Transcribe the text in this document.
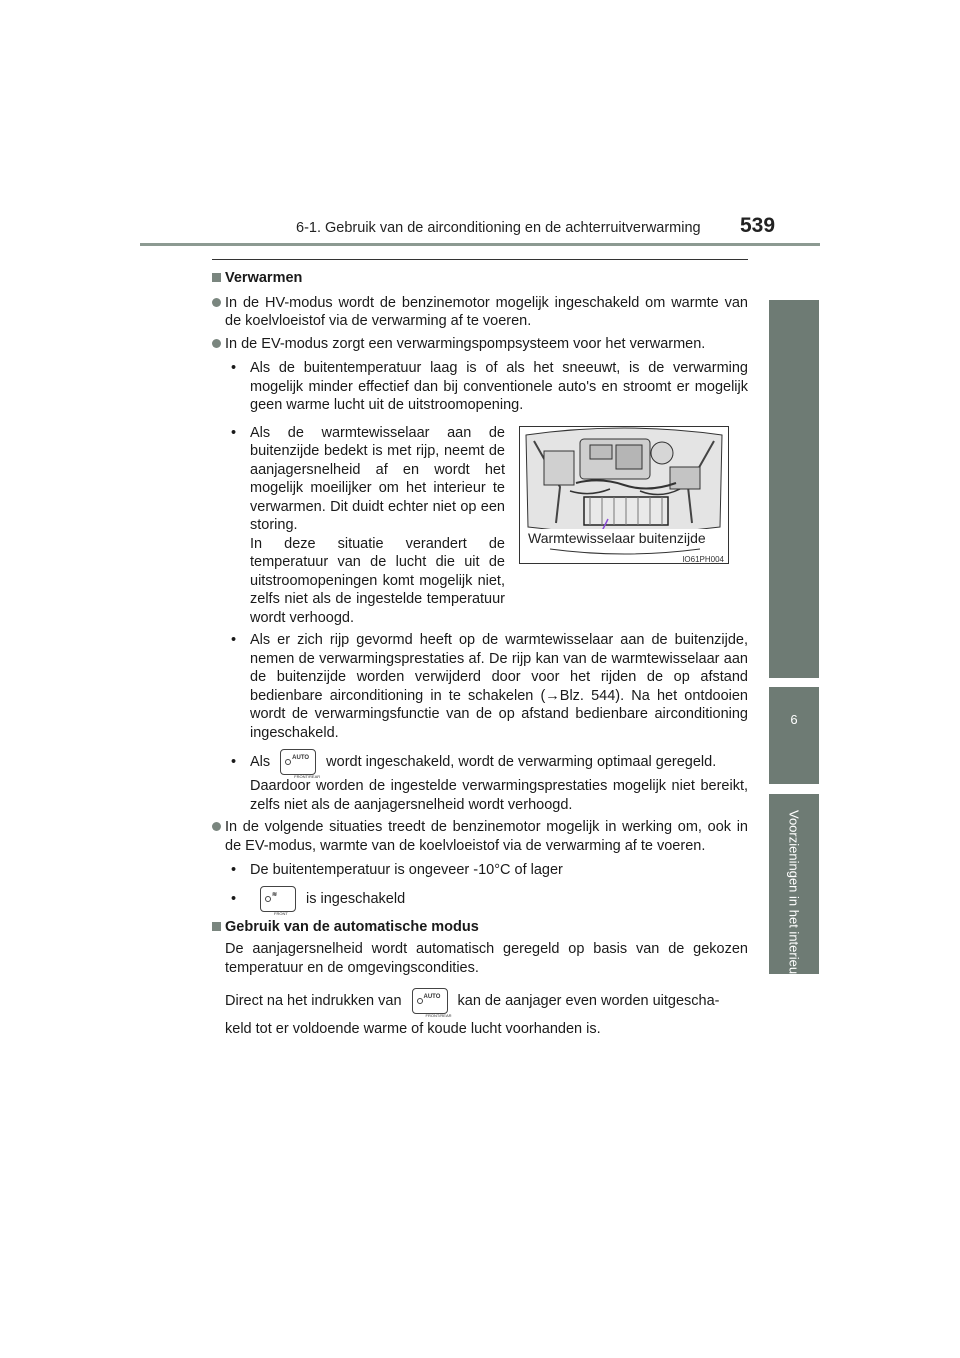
6-1. Gebruik van de airconditioning en de achterruitverwarming 539
6
Voorzieningen in het interieur
Verwarmen
In de HV-modus wordt de benzinemotor mogelijk ingeschakeld om warmte van de koelvloeistof via de verwarming af te voeren.
In de EV-modus zorgt een verwarmingspompsysteem voor het verwarmen.
• Als de buitentemperatuur laag is of als het sneeuwt, is de verwarming mogelijk minder effectief dan bij conventionele auto's en stroomt er mogelijk geen warme lucht uit de uitstroomopening.
• Als de warmtewisselaar aan de buitenzijde bedekt is met rijp, neemt de aanjagersnelheid af en wordt het mogelijk moeilijker om het interieur te verwarmen. Dit duidt echter niet op een storing.
In deze situatie verandert de temperatuur van de lucht die uit de uitstroomopeningen komt mogelijk niet, zelfs niet als de ingestelde temperatuur wordt verhoogd.
Warmtewisselaar buitenzijde
IO61PH004
• Als er zich rijp gevormd heeft op de warmtewisselaar aan de buitenzijde, nemen de verwarmingsprestaties af. De rijp kan van de warmtewisselaar aan de buitenzijde worden verwijderd door voor het rijden de op afstand bedienbare airconditioning in te schakelen (→Blz. 544). Na het ontdooien wordt de verwarmingsfunctie van de op afstand bedienbare airconditioning ingeschakeld.
• Als	AUTO
FRONT/REAR
wordt ingeschakeld, wordt de verwarming optimaal geregeld.
Daardoor worden de ingestelde verwarmingsprestaties mogelijk niet bereikt, zelfs niet als de aanjagersnelheid wordt verhoogd.
In de volgende situaties treedt de benzinemotor mogelijk in werking om, ook in de EV-modus, warmte van de koelvloeistof via de verwarming af te voeren.
• De buitentemperatuur is ongeveer -10°C of lager
•	≋
FRONT
is ingeschakeld
Gebruik van de automatische modus
De aanjagersnelheid wordt automatisch geregeld op basis van de gekozen temperatuur en de omgevingscondities.
Direct na het indrukken van	AUTO
FRONT/REAR
kan de aanjager even worden uitgescha-
keld tot er voldoende warme of koude lucht voorhanden is.
